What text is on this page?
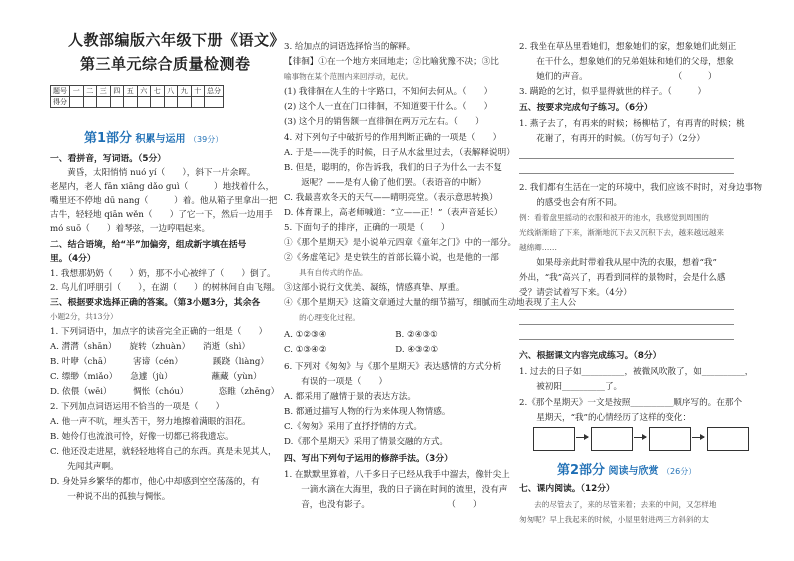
人教部编版六年级下册《语文》
第三单元综合质量检测卷
题号	一	二	三	四	五	六	七	八	九	十	总分
得分											
第1部分 积累与运用 （39分）
一、看拼音，写词语。（5分）
　　黄昏，太阳悄悄 nuó yí（　　），斜下一片余晖。
老屋内，老人 fān xiāng dǎo guì（　　　）地找着什么，
嘴里还不停地 dū nang（　　　）着。他从箱子里拿出一把
古牛，轻轻地 qiān wěn（　　）了它一下，然后一边用手
mó suō（　　）着琴弦，一边哼唱起来。
二、结合语境，给“半”加偏旁，组成新字填在括号
里。（4分）
1. 我想那奶奶（　　）奶，那不小心被绊了（　　）倒了。
2. 鸟儿们呼朋引（　　），在湖（　　）的树林间自由飞翔。
三、根据要求选择正确的答案。（第3小题3分，其余各
小题2分，共13分）
1. 下列词语中，加点字的读音完全正确的一组是（　　）
A. 潸潸（shān）　　旋转（zhuàn）　　消逝（shì）
B. 叶咿（chā）　　　害谛（cén）　　　　蹊跷（liàng）
C. 缥缈（miǎo）　　急遽（jù）　　　　　蘸藏（yùn）
D. 依偎（wēi）　　　惆怅（chóu）　　　　恣睢（zhēng）
2. 下列加点词语运用不恰当的一项是（　　）
A. 他一声不吭，埋头苦干，努力地擦着满眼的泪花。
B. 她伶仃也流浪可怜，好像一切都已将我遗忘。
C. 他还没走进屋，就轻轻地将自己的东西。真是未见其人，
　　先闻其声啊。
D. 身处异乡繁华的都市，他心中却感到空空荡荡的，有
　　一种说不出的孤独与惆怅。
3. 给加点的词语选择恰当的解释。
【徘徊】①在一个地方来回地走；②比喻犹豫不决；③比
喻事物在某个范围内来回浮动，起伏。
(1) 我徘徊在人生的十字路口，不知何去何从。（　　）
(2) 这个人一直在门口徘徊，不知道要干什么。（　　）
(3) 这个月的销售额一直徘徊在两万元左右。（　　）
4. 对下列句子中破折号的作用判断正确的一项是（　　）
A. 于是——洗手的时候，日子从水盆里过去，（表解释说明）
B. 但是，聪明的，你告诉我，我们的日子为什么一去不复
　　返呢？——是有人偷了他们罢。（表语音的中断）
C. 我最喜欢冬天的天气——晴明亮堂。（表示意思转换）
D. 体育课上，高老师喊道：“立——正！”（表声音延长）
5. 下面句子的排序，正确的一项是（　　）
①《那个星期天》是小说单元四章《童年之门》中的一部分。
②《务虚笔记》是史铁生的首部长篇小说，也是他的一部
　　具有自传式的作品。
③这部小说行文优美、凝练，情感真挚、厚重。
④《那个星期天》这篇文章通过大量的细节描写，细腻而生动地表现了主人公
　　的心理变化过程。
A. ①②③④　　　　　　　　B. ②④③①
C. ①③④②　　　　　　　　D. ④③②①
6. 下列对《匆匆》与《那个星期天》表达感情的方式分析
　　有误的一项是（　　）
A. 都采用了融情于景的表达方法。
B. 都通过描写人物的行为来体现人物情感。
C.《匆匆》采用了直抒抒情的方式。
D.《那个星期天》采用了情景交融的方式。
四、写出下列句子运用的修辞手法。（3分）
1. 在默默里算着，八千多日子已经从我手中溜去，像针尖上
　　一滴水滴在大海里，我的日子滴在时间的流里，没有声
　　音，也没有影子。　　　　　　　　　　（　　）
2. 我坐在草丛里看她们，想象她们的家，想象她们此刻正
　　在干什么，想象她们的兄弟姐妹和她们的父母，想象
　　她们的声音。　　　　　　　　　　　（　　　）
3. 蹒跄的乞讨，似乎显得就世的样子。（　　　）
五、按要求完成句子练习。（6分）
1. 燕子去了，有再来的时候；杨柳枯了，有再青的时候；桃
　　花谢了，有再开的时候。（仿写句子）（2分）
2. 我们都有生活在一定的环境中，我们应该不时时，对身边事物
　　的感受也会有所不同。
例：看着盘里摇动的衣服和被开的池水，我感觉到周围的
光线渐渐暗了下来，渐渐地沉下去又沉积下去，越来越远越来
越绵卿……
　　如果母亲此时带着我从屋中洗的衣服，想着“我”
外出，“我”高兴了，再看到同样的景物时，会是什么感
受？请尝试着写下来。（4分）
六、根据课文内容完成练习。（8分）
1. 过去的日子如__________，被微风吹散了，如__________，
　　被初阳__________了。
2.《那个星期天》一文是按照__________顺序写的。在那个
　　星期天，“我”的心情经历了这样的变化：
七、课内阅读。（12分）
　　去的尽管去了，来的尽管来着；去来的中间，又怎样地
匆匆呢？早上我起来的时候，小屋里射进两三方斜斜的太
第2部分 阅读与欣赏 （26分）
